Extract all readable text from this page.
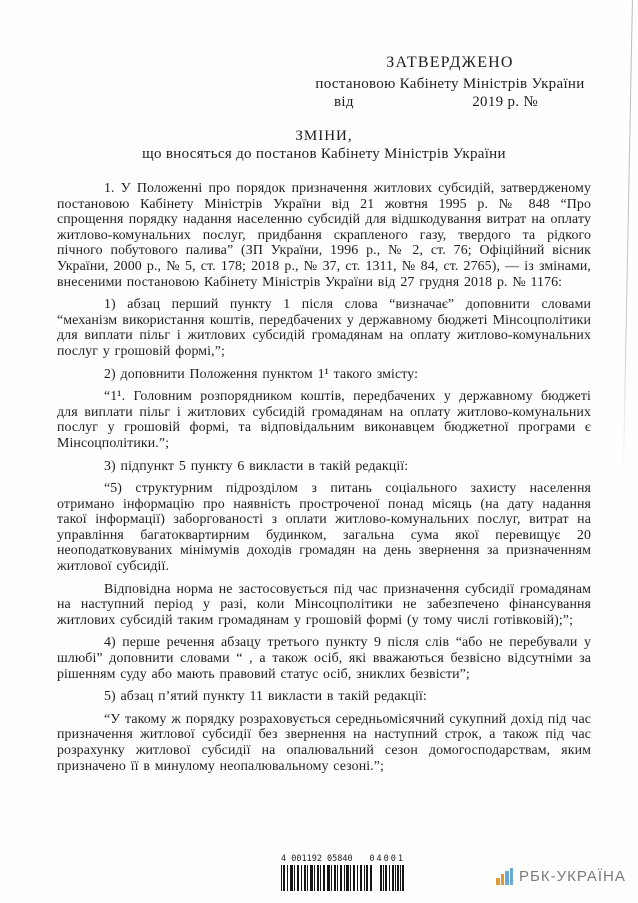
ЗАТВЕРДЖЕНО
постановою Кабінету Міністрів України
від	2019 р. №
ЗМІНИ,
що вносяться до постанов Кабінету Міністрів України

1. У Положенні про порядок призначення житлових субсидій, затвердженому постановою Кабінету Міністрів України від 21 жовтня 1995 р. № 848 “Про спрощення порядку надання населенню субсидій для відшкодування витрат на оплату житлово-комунальних послуг, придбання скрапленого газу, твердого та рідкого пічного побутового палива” (ЗП України, 1996 р., № 2, ст. 76; Офіційний вісник України, 2000 р., № 5, ст. 178; 2018 р., № 37, ст. 1311, № 84, ст. 2765), — із змінами, внесеними постановою Кабінету Міністрів України від 27 грудня 2018 р. № 1176:

1) абзац перший пункту 1 після слова “визначає” доповнити словами “механізм використання коштів, передбачених у державному бюджеті Мінсоцполітики для виплати пільг і житлових субсидій громадянам на оплату житлово-комунальних послуг у грошовій формі,”;

2) доповнити Положення пунктом 1¹ такого змісту:

“1¹. Головним розпорядником коштів, передбачених у державному бюджеті для виплати пільг і житлових субсидій громадянам на оплату житлово-комунальних послуг у грошовій формі, та відповідальним виконавцем бюджетної програми є Мінсоцполітики.”;

3) підпункт 5 пункту 6 викласти в такій редакції:

“5) структурним підрозділом з питань соціального захисту населення отримано інформацію про наявність простроченої понад місяць (на дату надання такої інформації) заборгованості з оплати житлово-комунальних послуг, витрат на управління багатоквартирним будинком, загальна сума якої перевищує 20 неоподатковуваних мінімумів доходів громадян на день звернення за призначенням житлової субсидії.

Відповідна норма не застосовується під час призначення субсидії громадянам на наступний період у разі, коли Мінсоцполітики не забезпечено фінансування житлових субсидій таким громадянам у грошовій формі (у тому числі готівковій);”;

4) перше речення абзацу третього пункту 9 після слів “або не перебували у шлюбі” доповнити словами “ , а також осіб, які вважаються безвісно відсутніми за рішенням суду або мають правовий статус осіб, зниклих безвісти”;

5) абзац п’ятий пункту 11 викласти в такій редакції:

“У такому ж порядку розраховується середньомісячний сукупний дохід під час призначення житлової субсидії без звернення на наступний строк, а також під час розрахунку житлової субсидії на опалювальний сезон домогосподарствам, яким призначено її в минулому неопалювальному сезоні.”;

4 001192 05840 04001
РБК-УКРАЇНА
